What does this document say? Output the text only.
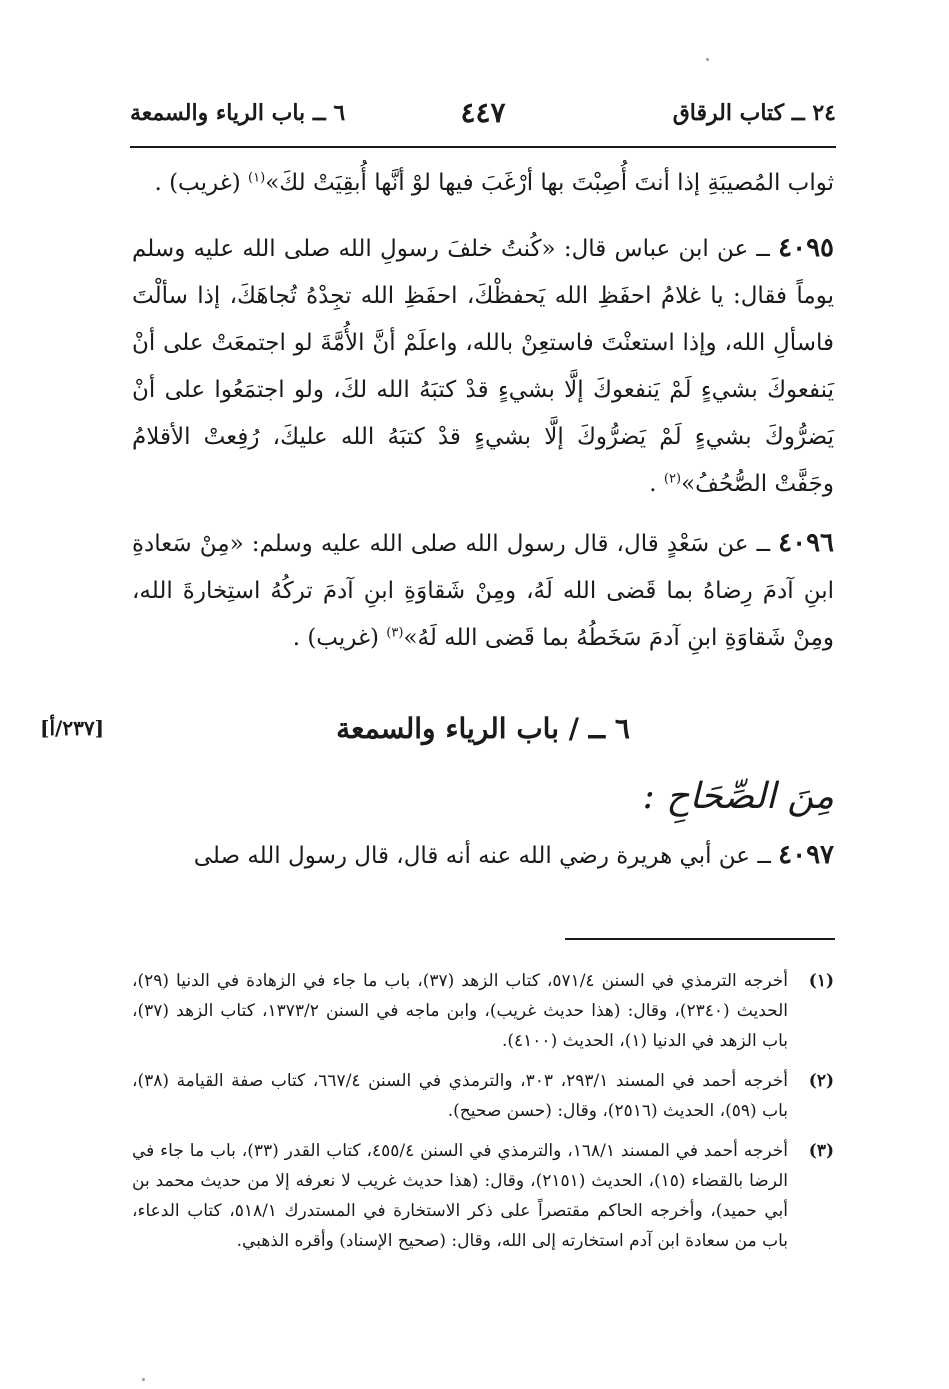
٢٤ ــ كتاب الرقاق
٤٤٧
٦ ــ باب الرياء والسمعة
ثواب المُصيبَةِ إذا أنتَ أُصِبْتَ بها أرْغَبَ فيها لوْ أنَّها أُبقِيَتْ لكَ»$^{(١)}$ (غريب) .
٤٠٩٥ ــ عن ابن عباس قال: «كُنتُ خلفَ رسولِ الله صلى الله عليه وسلم يوماً فقال: يا غلامُ احفَظِ الله يَحفظْكَ، احفَظِ الله تجِدْهُ تُجاهَكَ، إذا سألْتَ فاسألِ الله، وإذا استعنْتَ فاستعِنْ بالله، واعلَمْ أنَّ الأُمَّةَ لو اجتمعَتْ على أنْ يَنفعوكَ بشيءٍ لَمْ يَنفعوكَ إلَّا بشيءٍ قدْ كتبَهُ الله لكَ، ولو اجتمَعُوا على أنْ يَضرُّوكَ بشيءٍ لَمْ يَضرُّوكَ إلَّا بشيءٍ قدْ كتبَهُ الله عليكَ، رُفِعتْ الأقلامُ وجَفَّتْ الصُّحُفُ»$^{(٢)}$ .
٤٠٩٦ ــ عن سَعْدٍ قال، قال رسول الله صلى الله عليه وسلم: «مِنْ سَعادةِ ابنِ آدمَ رِضاهُ بما قَضى الله لَهُ، ومِنْ شَقاوَةِ ابنِ آدمَ تركُهُ استِخارةَ الله، ومِنْ شَقاوَةِ ابنِ آدمَ سَخَطُهُ بما قَضى الله لَهُ»$^{(٣)}$ (غريب) .
٦ ــ / باب الرياء والسمعة
[٢٣٧/أ]
مِنَ الصِّحَاحِ :
٤٠٩٧ ــ عن أبي هريرة رضي الله عنه أنه قال، قال رسول الله صلى
(١)
أخرجه الترمذي في السنن ٥٧١/٤، كتاب الزهد (٣٧)، باب ما جاء في الزهادة في الدنيا (٢٩)، الحديث (٢٣٤٠)، وقال: (هذا حديث غريب)، وابن ماجه في السنن ١٣٧٣/٢، كتاب الزهد (٣٧)، باب الزهد في الدنيا (١)، الحديث (٤١٠٠).
(٢)
أخرجه أحمد في المسند ٢٩٣/١، ٣٠٣، والترمذي في السنن ٦٦٧/٤، كتاب صفة القيامة (٣٨)، باب (٥٩)، الحديث (٢٥١٦)، وقال: (حسن صحيح).
(٣)
أخرجه أحمد في المسند ١٦٨/١، والترمذي في السنن ٤٥٥/٤، كتاب القدر (٣٣)، باب ما جاء في الرضا بالقضاء (١٥)، الحديث (٢١٥١)، وقال: (هذا حديث غريب لا نعرفه إلا من حديث محمد بن أبي حميد)، وأخرجه الحاكم مقتصراً على ذكر الاستخارة في المستدرك ٥١٨/١، كتاب الدعاء، باب من سعادة ابن آدم استخارته إلى الله، وقال: (صحيح الإسناد) وأقره الذهبي.
